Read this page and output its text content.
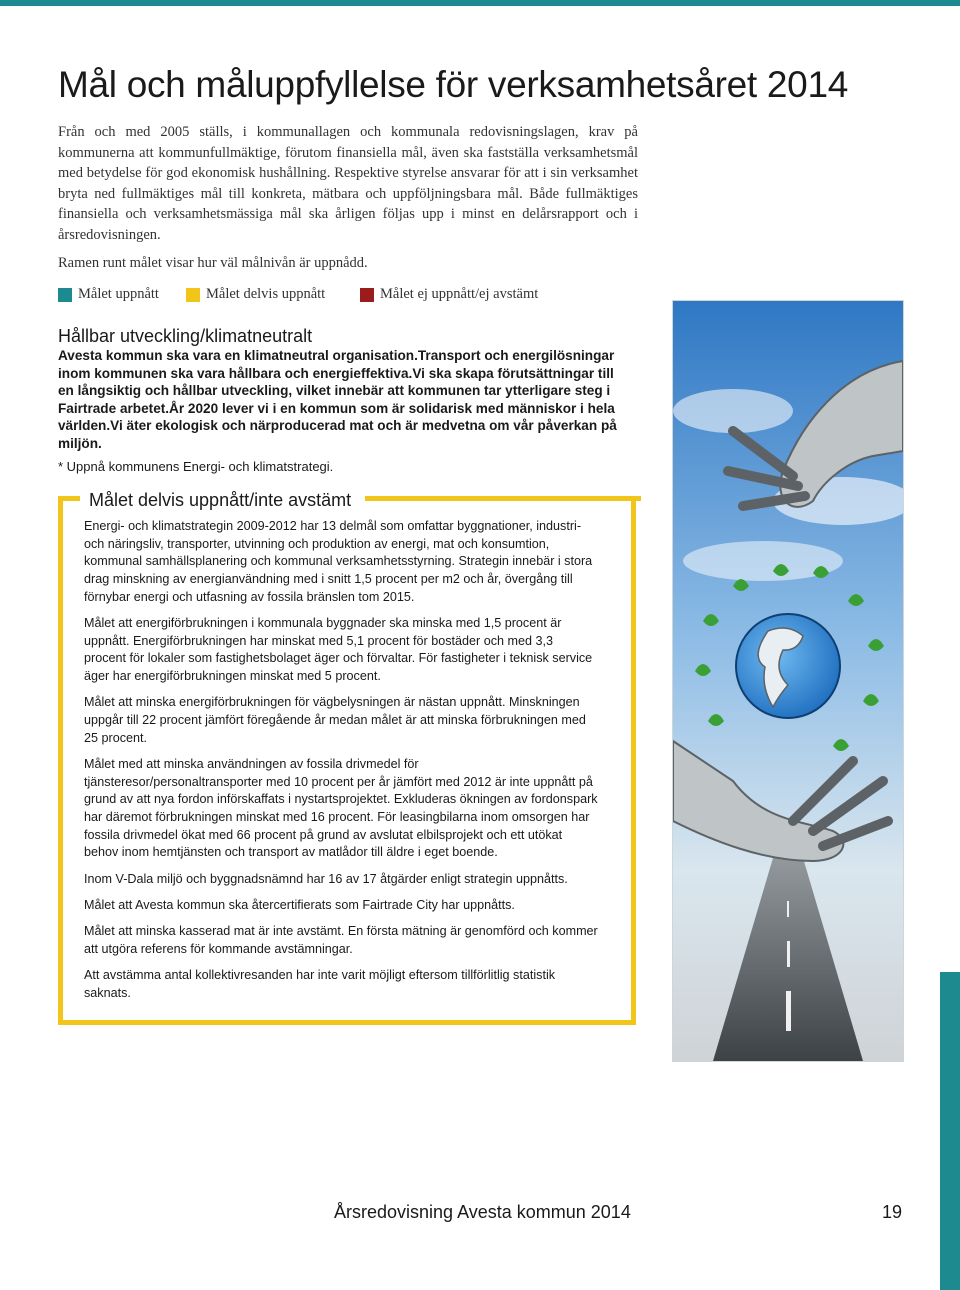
Mål och måluppfyllelse för verksamhetsåret 2014

Från och med 2005 ställs, i kommunallagen och kommunala redovisningslagen, krav på kommunerna att kommunfullmäktige, förutom finansiella mål, även ska fastställa verksamhetsmål med betydelse för god ekonomisk hushållning. Respektive styrelse ansvarar för att i sin verksamhet bryta ned fullmäktiges mål till konkreta, mätbara och uppföljningsbara mål. Både fullmäktiges finansiella och verksamhetsmässiga mål ska årligen följas upp i minst en delårsrapport och i årsredovisningen.

Ramen runt målet visar hur väl målnivån är uppnådd.

Målet uppnått	Målet delvis uppnått	Målet ej uppnått/ej avstämt
Hållbar utveckling/klimatneutralt
Avesta kommun ska vara en klimatneutral organisation.Transport och energilösningar inom kommunen ska vara hållbara och energieffektiva.Vi ska skapa förutsättningar till en långsiktig och hållbar utveckling, vilket innebär att kommunen tar ytterligare steg i Fairtrade arbetet.År 2020 lever vi i en kommun som är solidarisk med människor i hela världen.Vi äter ekologisk och närproducerad mat och är medvetna om vår påverkan på miljön.
* Uppnå kommunens Energi- och klimatstrategi.
Målet delvis uppnått/inte avstämt

Energi- och klimatstrategin 2009-2012 har 13 delmål som omfattar byggnationer, industri- och näringsliv, transporter, utvinning och produktion av energi, mat och konsumtion, kommunal samhällsplanering och kommunal verksamhetsstyrning. Strategin innebär i stora drag minskning av energianvändning med i snitt 1,5 procent per m2 och år, övergång till förnybar energi och utfasning av fossila bränslen tom 2015.

Målet att energiförbrukningen i kommunala byggnader ska minska med 1,5 procent är uppnått. Energiförbrukningen har minskat med 5,1 procent för bostäder och med 3,3 procent för lokaler som fastighetsbolaget äger och förvaltar. För fastigheter i teknisk service äger har energiförbrukningen minskat med 5 procent.

Målet att minska energiförbrukningen för vägbelysningen är nästan uppnått. Minskningen uppgår till 22 procent jämfört föregående år medan målet är att minska förbrukningen med 25 procent.

Målet med att minska användningen av fossila drivmedel för tjänsteresor/personaltransporter med 10 procent per år jämfört med 2012 är inte uppnått på grund av att nya fordon införskaffats i nystartsprojektet. Exkluderas ökningen av fordonspark har däremot förbrukningen minskat med 16 procent. För leasingbilarna inom omsorgen har fossila drivmedel ökat med 66 procent på grund av avslutat elbilsprojekt och ett utökat behov inom hemtjänsten och transport av matlådor till äldre i eget boende.

Inom V-Dala miljö och byggnadsnämnd har 16 av 17 åtgärder enligt strategin uppnåtts.

Målet att Avesta kommun ska återcertifierats som Fairtrade City har uppnåtts.

Målet att minska kasserad mat är inte avstämt. En första mätning är genomförd och kommer att utgöra referens för kommande avstämningar.

Att avstämma antal kollektivresanden har inte varit möjligt eftersom tillförlitlig statistik saknats.

Årsredovisning Avesta kommun 2014	19
